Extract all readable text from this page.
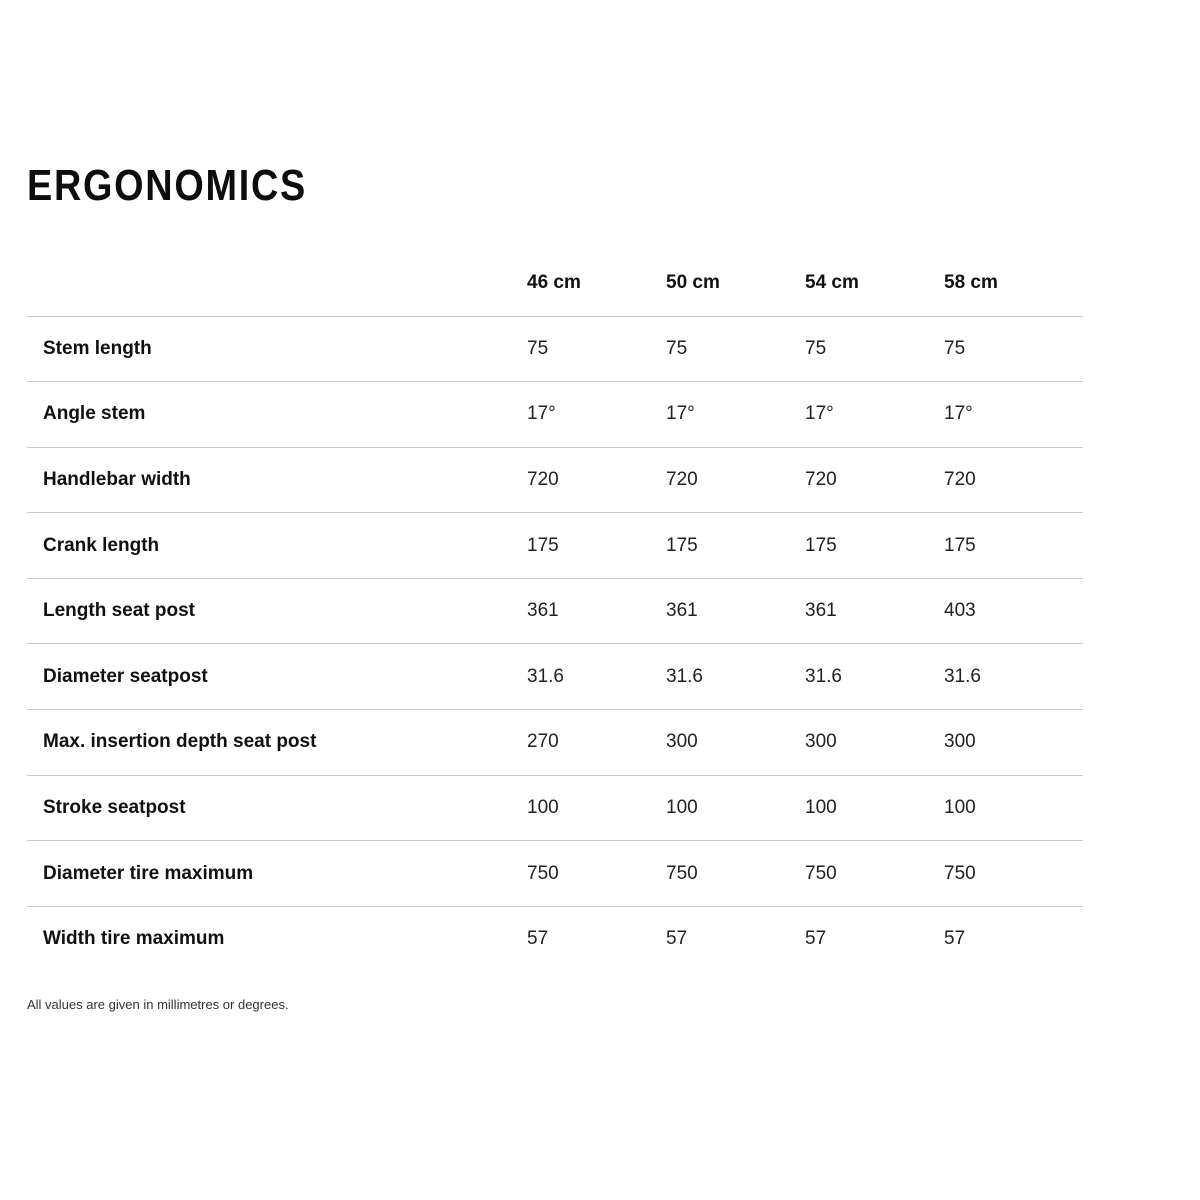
ERGONOMICS
	46 cm	50 cm	54 cm	58 cm
Stem length	75	75	75	75
Angle stem	17°	17°	17°	17°
Handlebar width	720	720	720	720
Crank length	175	175	175	175
Length seat post	361	361	361	403
Diameter seatpost	31.6	31.6	31.6	31.6
Max. insertion depth seat post	270	300	300	300
Stroke seatpost	100	100	100	100
Diameter tire maximum	750	750	750	750
Width tire maximum	57	57	57	57

All values are given in millimetres or degrees.
